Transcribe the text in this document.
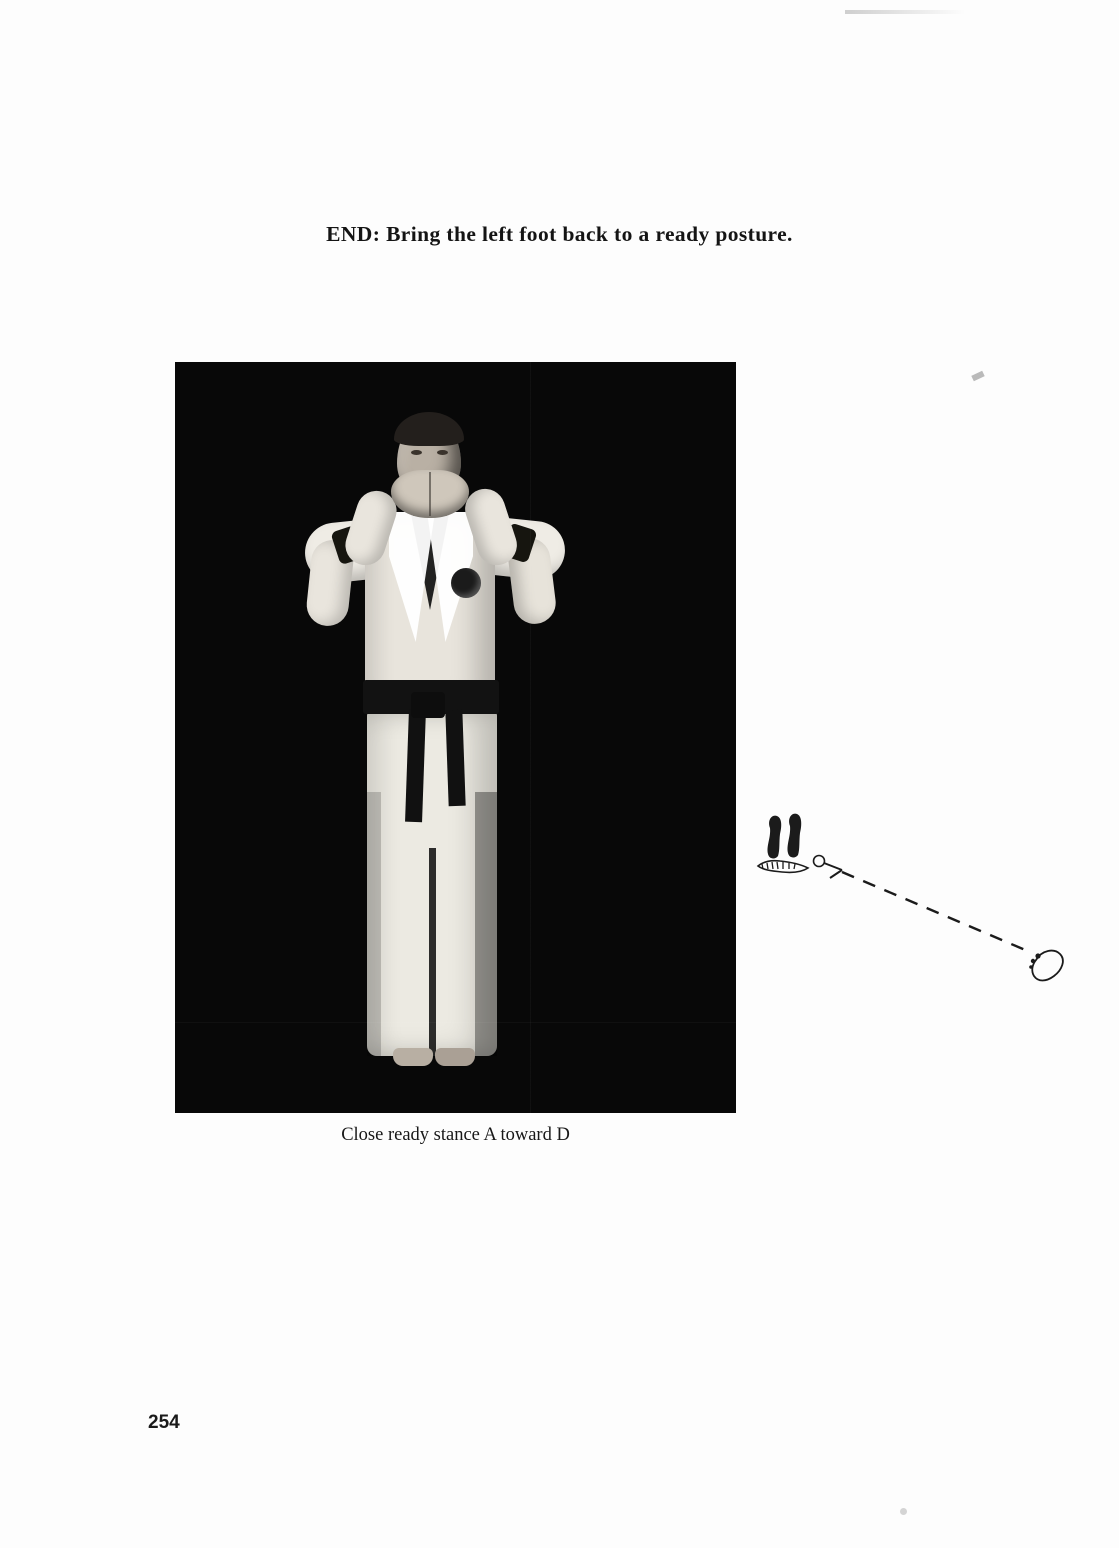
END: Bring the left foot back to a ready posture.
Close ready stance A toward D
254
